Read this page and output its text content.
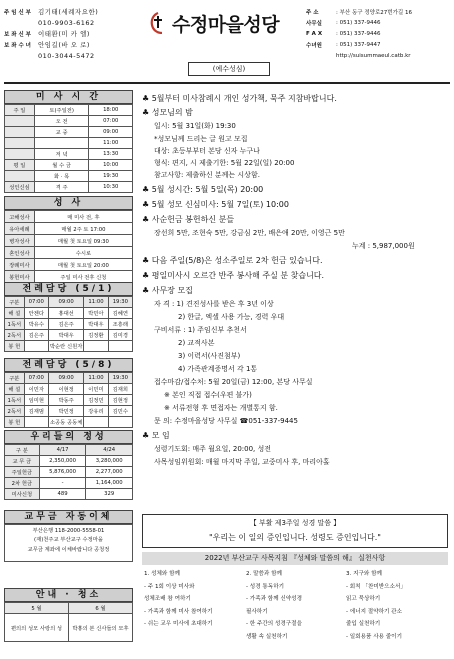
주 임 신 부	김기태(세례자요한)
010-9903-6162
보 좌 신 부	이태환(미 카 엘)
보 좌 수 녀	안임길(바 오 로)
010-3044-5472
수정마을성당
(예수성심)
주 소	: 부산 동구 정양로27번가길 16
사무실	: 051) 337-9446
F A X	: 051) 337-9446
수녀원	: 051) 337-9447
http://suisummaeul.catb.kr
미 사 시 간
주 일	토(주일전)	18:00
	오 전	07:00
	교 중	09:00
		11:00
	저 녁	13:30
평 일	월 수 금	10:00
	화 · 목	19:30
성인신심	격 주	10:30
성 사
고해성사	매 미사 전, 후
유아세례	매월 2주 토 17:00
병자성사	매월 첫 토요일 09:30
혼인성사	수시로
장례미사	매월 첫 토요일 20:00
봉헌미사	주일 미사 전후 신청
전례담당 (5/1)
구분	07:00	09:00	11:00	19:30
해 설	안젠다	홍대선	박민아	김혜연
1독서	박유수	김은주	박대우	조흥래
2독서	김은주	박대우	김정환	김미경
봉 헌		박순란 신원자		
전례담당 (5/8)
구분	07:00	09:00	11:00	19:30
해 설	이민자	이현정	이민미	김재희
1독서	임미현	박동주	김정민	김현정
2독서	김재범	박민정	강유리	김민수
봉 헌		소공동 공동체		
우리들의 정성
구 분	4/17	4/24
교 무 금	2,350,000	3,280,000
주일헌금	5,876,000	2,277,000
2차 헌금	-	1,164,000
미사신청	489	329
교무금 자동이체
부산은행 118-2000-5558-01
(재)천주교 부산교구 수정마을
교무금 계좌에 이체바랍니다 공청정
안내 · 청소
5 월	6 월
편의의 성모 사랑의 성	박홍의 본 신사들의 모후
♣ 5월부터 미사참례시 개인 성가책, 묵주 지참바랍니다.
♣ 성모님의 밤
일시: 5월 31일(화) 19:30
*성모님께 드리는 글 원고 모집
대상: 초등부부터 본당 신자 누구나
형식: 편지, 시 제출기한: 5월 22일(일) 20:00
참고사항: 제출하신 분께는 시상함.
♣ 5월 성시간: 5월 5일(목) 20:00
♣ 5월 성모 신심미사: 5월 7일(토) 10:00
♣ 사순헌금 봉헌하신 분들
장선희 5만, 조현숙 5만, 강금심 2만, 배은애 20만, 이영근 5만
누계 : 5,987,000원
♣ 다음 주일(5/8)은 성소주일로 2차 헌금 있습니다.
♣ 평일미사시 오르간 반주 봉사해 주실 분 찾습니다.
♣ 사무장 모집
자 격 : 1) 견진성사를 받은 후 3년 이상
2) 한글, 엑셀 사용 가능, 경력 우대
구비서류 : 1) 주임신부 추천서
2) 교적사본
3) 이력서(사진첨부)
4) 가족관계증명서 각 1통
접수마감/접수처: 5월 20일(금) 12:00, 본당 사무실
※ 본인 직접 접수(우편 불가)
※ 서류전형 후 면접자는 개별통지 함.
문 의: 수정마을성당 사무실 ☎051-337-9445
♣ 모 임
성령기도회: 매주 월요일, 20:00, 성전
사목성임위원회: 매월 마지막 주일, 교중미사 후, 마리아홀
【 부활 제3주일 성경 말씀 】
"우리는 이 일의 증인입니다. 성령도 증인입니다."
2022년 부산교구 사목지침 『성체와 말씀의 해』 실천사항
1. 성체와 함께
- 주 1회 이상 미사와
성체조배 참 여하기
- 가족과 함께 미사 참여하기
- 쉬는 교우 미사에 초대하기
2. 말씀과 함께
- 성경 통독하기
- 가족과 함께 신약성경
필사하기
- 한 주간의 성경구절을
생활 속 실천하기
3. 지구와 함께
- 회칙 「찬미받으소서」
읽고 묵상하기
- 에너지 절약하기 관소
줄입 실천하기
- 일회용품 사용 줄이기
